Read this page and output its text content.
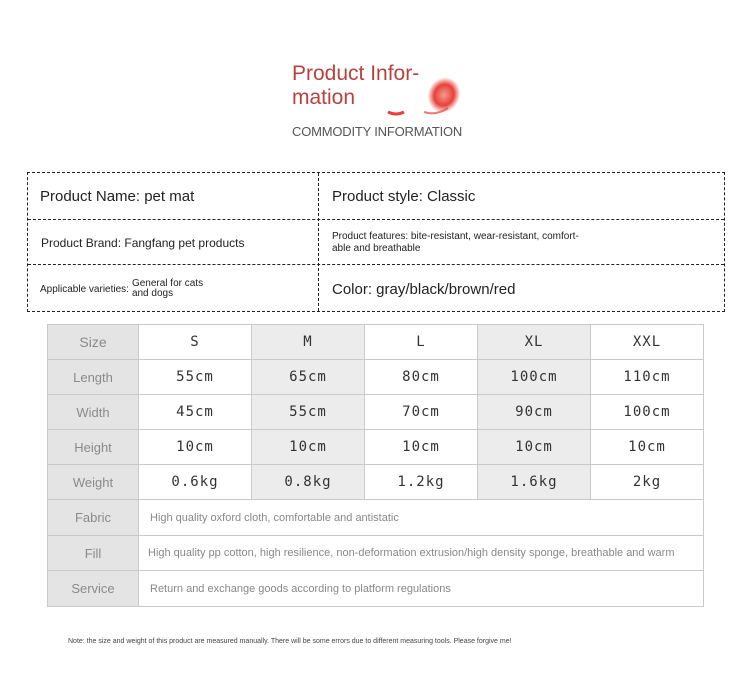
Product Infor-
mation
COMMODITY INFORMATION
Product Name: pet mat	Product style: Classic
Product Brand: Fangfang pet products	Product features: bite-resistant, wear-resistant, comfort-
able and breathable
Applicable varieties: General for cats
and dogs	Color: gray/black/brown/red
Size	S	M	L	XL	XXL
Length	55cm	65cm	80cm	100cm	110cm
Width	45cm	55cm	70cm	90cm	100cm
Height	10cm	10cm	10cm	10cm	10cm
Weight	0.6kg	0.8kg	1.2kg	1.6kg	2kg
Fabric	High quality oxford cloth, comfortable and antistatic				
Fill	High quality pp cotton, high resilience, non-deformation extrusion/high density sponge, breathable and warm				
Service	Return and exchange goods according to platform regulations				
Note: the size and weight of this product are measured manually. There will be some errors due to different measuring tools. Please forgive me!
